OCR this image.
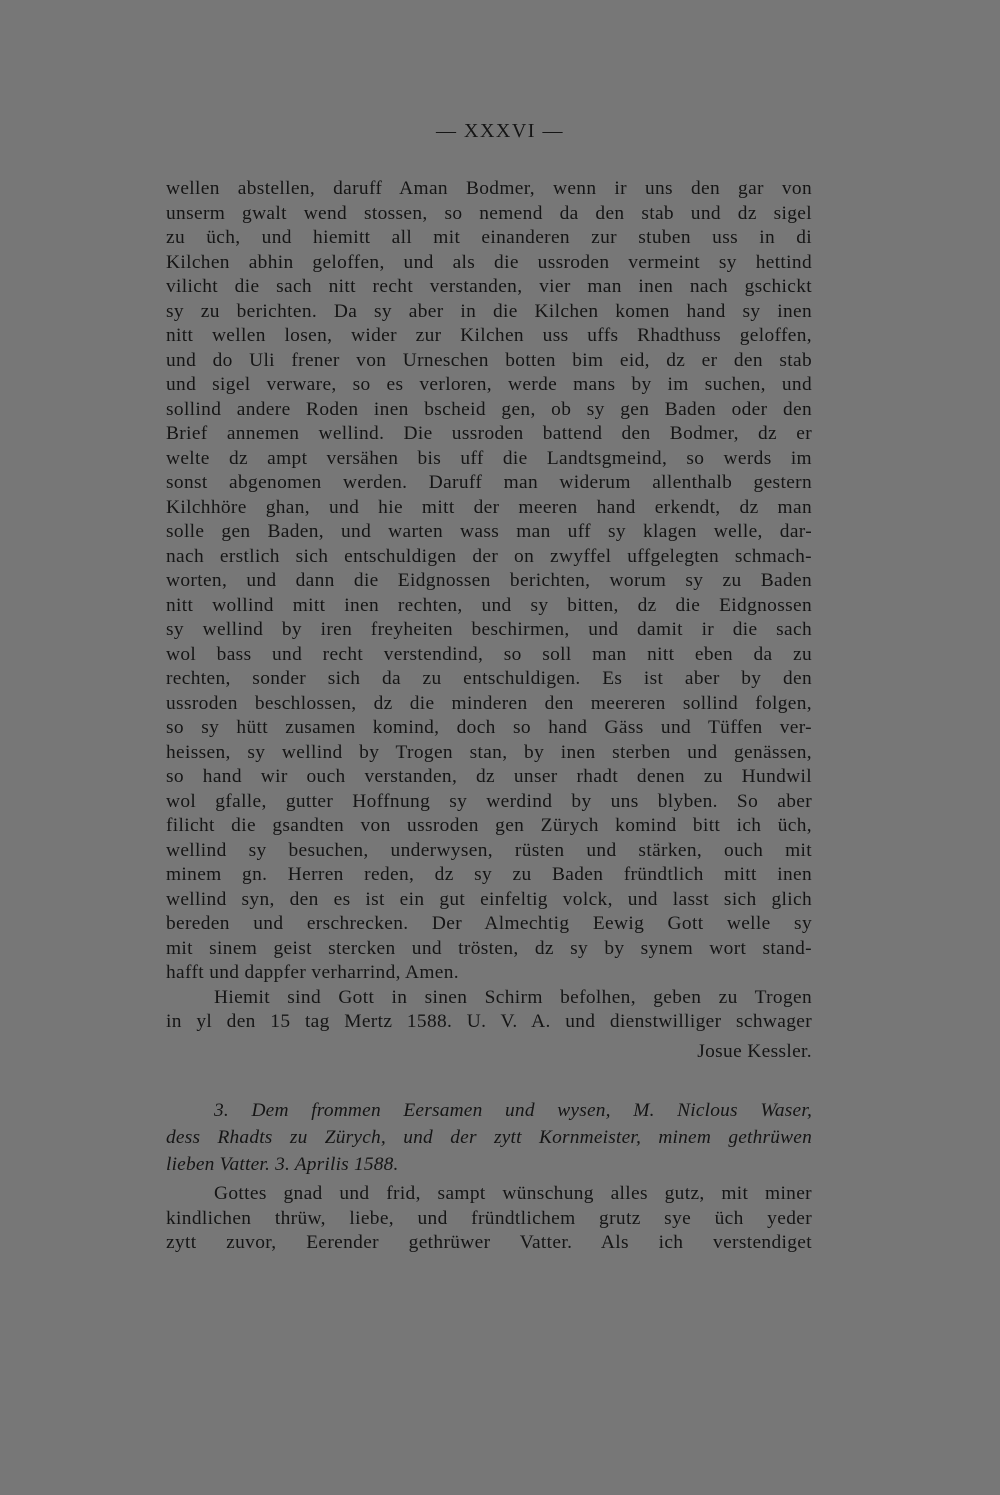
— XXXVI —
wellen abstellen, daruff Aman Bodmer, wenn ir uns den gar von
unserm gwalt wend stossen, so nemend da den stab und dz sigel
zu üch, und hiemitt all mit einanderen zur stuben uss in di
Kilchen abhin geloffen, und als die ussroden vermeint sy hettind
vilicht die sach nitt recht verstanden, vier man inen nach gschickt
sy zu berichten. Da sy aber in die Kilchen komen hand sy inen
nitt wellen losen, wider zur Kilchen uss uffs Rhadthuss geloffen,
und do Uli frener von Urneschen botten bim eid, dz er den stab
und sigel verware, so es verloren, werde mans by im suchen, und
sollind andere Roden inen bscheid gen, ob sy gen Baden oder den
Brief annemen wellind. Die ussroden battend den Bodmer, dz er
welte dz ampt versähen bis uff die Landtsgmeind, so werds im
sonst abgenomen werden. Daruff man widerum allenthalb gestern
Kilchhöre ghan, und hie mitt der meeren hand erkendt, dz man
solle gen Baden, und warten wass man uff sy klagen welle, dar-
nach erstlich sich entschuldigen der on zwyffel uffgelegten schmach-
worten, und dann die Eidgnossen berichten, worum sy zu Baden
nitt wollind mitt inen rechten, und sy bitten, dz die Eidgnossen
sy wellind by iren freyheiten beschirmen, und damit ir die sach
wol bass und recht verstendind, so soll man nitt eben da zu
rechten, sonder sich da zu entschuldigen. Es ist aber by den
ussroden beschlossen, dz die minderen den meereren sollind folgen,
so sy hütt zusamen komind, doch so hand Gäss und Tüffen ver-
heissen, sy wellind by Trogen stan, by inen sterben und genässen,
so hand wir ouch verstanden, dz unser rhadt denen zu Hundwil
wol gfalle, gutter Hoffnung sy werdind by uns blyben. So aber
filicht die gsandten von ussroden gen Zürych komind bitt ich üch,
wellind sy besuchen, underwysen, rüsten und stärken, ouch mit
minem gn. Herren reden, dz sy zu Baden fründtlich mitt inen
wellind syn, den es ist ein gut einfeltig volck, und lasst sich glich
bereden und erschrecken. Der Almechtig Eewig Gott welle sy
mit sinem geist stercken und trösten, dz sy by synem wort stand-
hafft und dappfer verharrind, Amen.
Hiemit sind Gott in sinen Schirm befolhen, geben zu Trogen
in yl den 15 tag Mertz 1588. U. V. A. und dienstwilliger schwager
Josue Kessler.
3. Dem frommen Eersamen und wysen, M. Niclous Waser,
dess Rhadts zu Zürych, und der zytt Kornmeister, minem gethrüwen
lieben Vatter. 3. Aprilis 1588.
Gottes gnad und frid, sampt wünschung alles gutz, mit miner
kindlichen thrüw, liebe, und fründtlichem grutz sye üch yeder
zytt zuvor, Eerender gethrüwer Vatter. Als ich verstendiget
